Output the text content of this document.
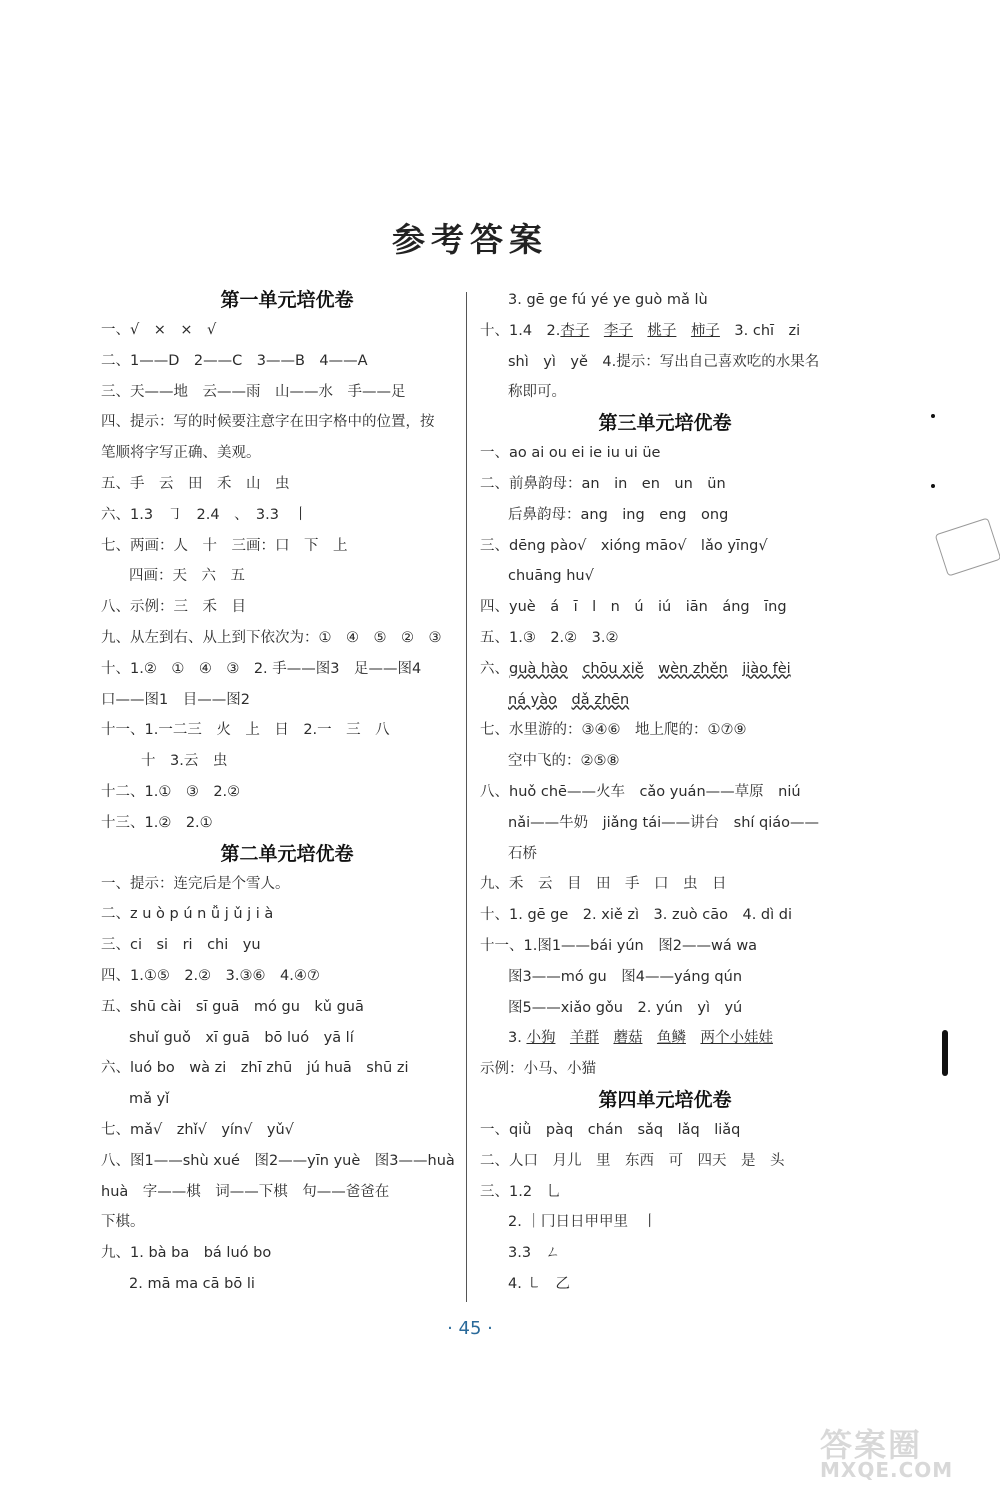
参考答案
第一单元培优卷
一、√　×　×　√
二、1——D　2——C　3——B　4——A
三、天——地　云——雨　山——水　手——足
四、提示：写的时候要注意字在田字格中的位置，按
笔顺将字写正确、美观。
五、手　云　田　禾　山　虫
六、1.3　㇆　2.4　、　3.3　丨
七、两画：人　十　三画：口　下　上
四画：天　六　五
八、示例：三　禾　目
九、从左到右、从上到下依次为：①　④　⑤　②　③
十、1.②　①　④　③　2. 手——图3　足——图4
口——图1　目——图2
十一、1.一二三　火　上　日　2.一　三　八
十　3.云　虫
十二、1.①　③　2.②
十三、1.②　2.①
第二单元培优卷
一、提示：连完后是个雪人。
二、z u ò p ú n ǚ j ǔ j i à
三、ci　si　ri　chi　yu
四、1.①⑤　2.②　3.③⑥　4.④⑦
五、shū cài　sī guā　mó gu　kǔ guā
shuǐ guǒ　xī guā　bō luó　yā lí
六、luó bo　wà zi　zhī zhū　jú huā　shū zi
mǎ yǐ
七、mǎ√　zhǐ√　yín√　yǔ√
八、图1——shù xué　图2——yīn yuè　图3——huà
huà　字——棋　词——下棋　句——爸爸在
下棋。
九、1. bà ba　bá luó bo
2. mā ma cā bō li
3. gē ge fú yé ye guò mǎ lù
十、1.4　2.杏子　 李子　 桃子　 柿子　3. chī　zi
shì　yì　yě　4.提示：写出自己喜欢吃的水果名
称即可。
第三单元培优卷
一、ao ai ou ei ie iu ui üe
二、前鼻韵母：an　in　en　un　ün
后鼻韵母：ang　ing　eng　ong
三、dēng pào√　xióng māo√　lǎo yīng√
chuāng hu√
四、yuè　á　ī　l　n　ú　iú　iān　áng　īng
五、1.③　2.②　3.②
六、guà hào　 chōu xiě　 wèn zhěn　 jiào fèi
ná yào　 dǎ zhēn
七、水里游的：③④⑥　地上爬的：①⑦⑨
空中飞的：②⑤⑧
八、huǒ chē——火车　cǎo yuán——草原　niú
nǎi——牛奶　jiǎng tái——讲台　shí qiáo——
石桥
九、禾　云　目　田　手　口　虫　日
十、1. gē ge　2. xiě zì　3. zuò cāo　4. dì di
十一、1.图1——bái yún　图2——wá wa
图3——mó gu　图4——yáng qún
图5——xiǎo gǒu　2. yún　yì　yú
3. 小狗　 羊群　 蘑菇　 鱼鳞　 两个小娃娃
示例：小马、小猫
第四单元培优卷
一、qiǜ　pàq　chán　sǎq　lǎq　liǎq
二、人口　月儿　里　东西　可　四天　是　头
三、1.2　乚
2. ｜冂日日甲甲里　丨
3.3　ㄥ
4. ㇄　乙
· 45 ·
答案圈
MXQE.COM
